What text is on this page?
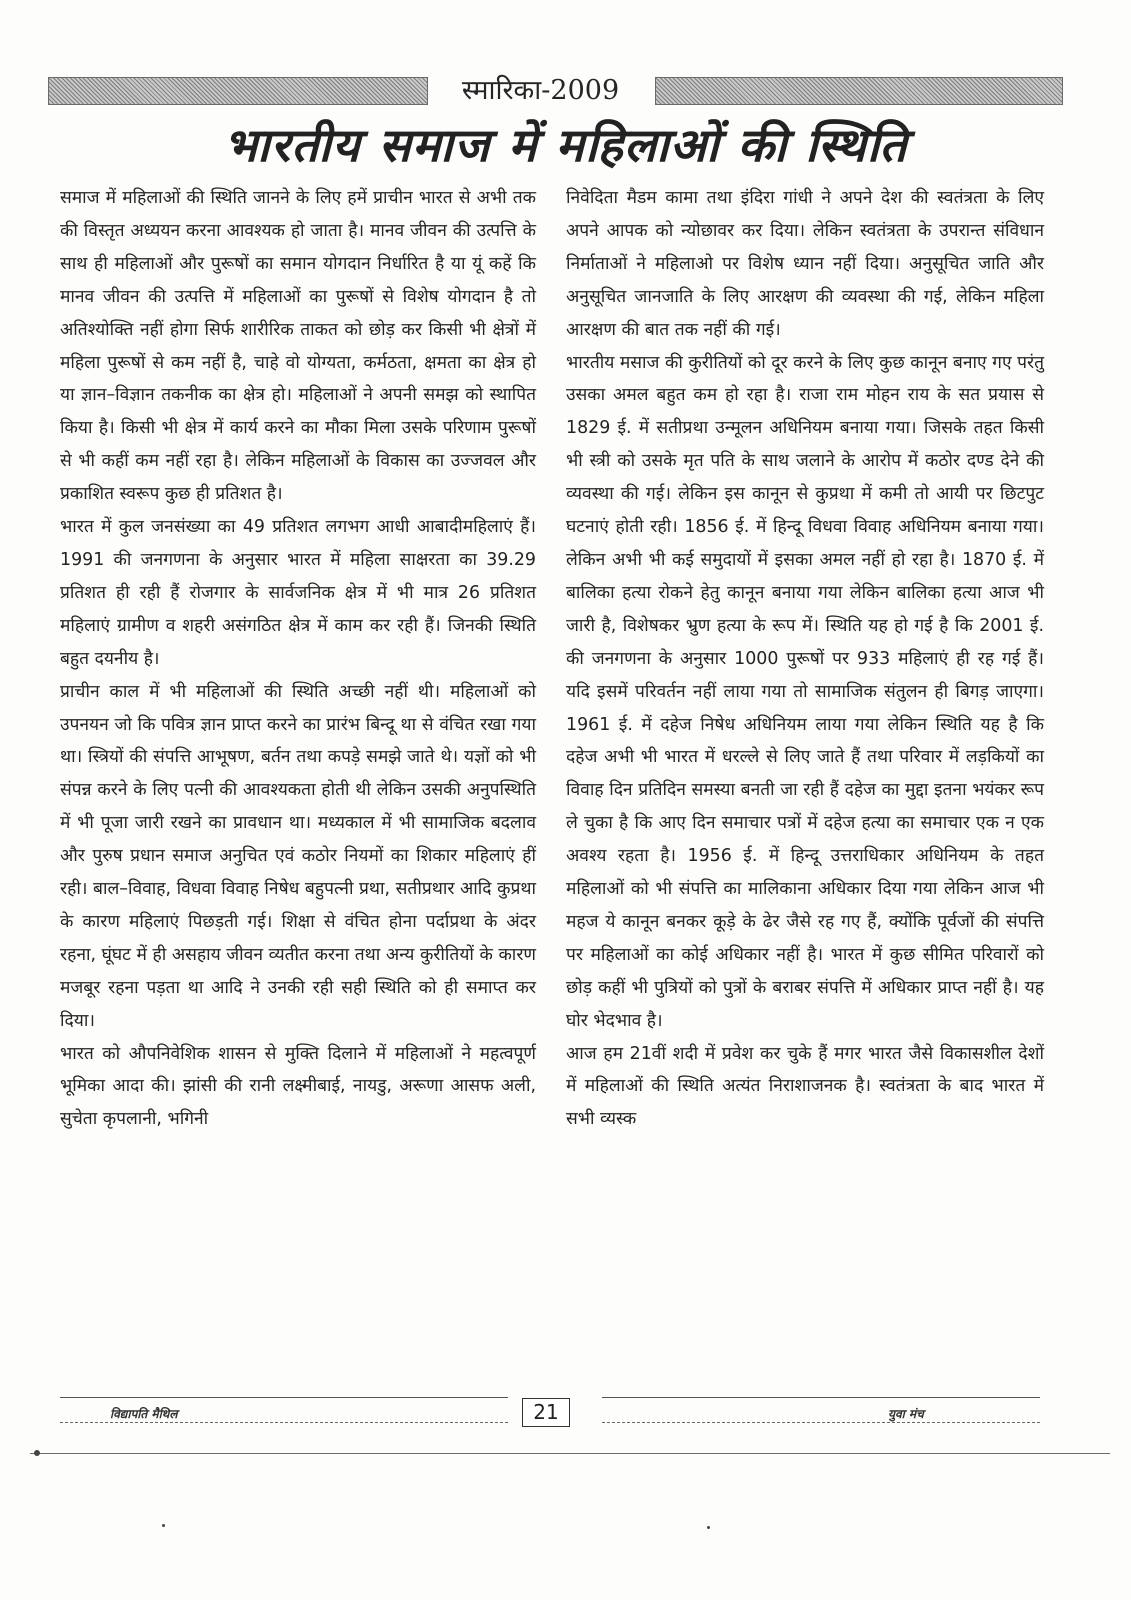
स्मारिका-2009
भारतीय समाज में महिलाओं की स्थिति

समाज में महिलाओं की स्थिति जानने के लिए हमें प्राचीन भारत से अभी तक की विस्तृत अध्ययन करना आवश्यक हो जाता है। मानव जीवन की उत्पत्ति के साथ ही महिलाओं और पुरूषों का समान योगदान निर्धारित है या यूं कहें कि मानव जीवन की उत्पत्ति में महिलाओं का पुरूषों से विशेष योगदान है तो अतिश्योक्ति नहीं होगा सिर्फ शारीरिक ताकत को छोड़ कर किसी भी क्षेत्रों में महिला पुरूषों से कम नहीं है, चाहे वो योग्यता, कर्मठता, क्षमता का क्षेत्र हो या ज्ञान–विज्ञान तकनीक का क्षेत्र हो। महिलाओं ने अपनी समझ को स्थापित किया है। किसी भी क्षेत्र में कार्य करने का मौका मिला उसके परिणाम पुरूषों से भी कहीं कम नहीं रहा है। लेकिन महिलाओं के विकास का उज्जवल और प्रकाशित स्वरूप कुछ ही प्रतिशत है।

भारत में कुल जनसंख्या का 49 प्रतिशत लगभग आधी आबादीमहिलाएं हैं। 1991 की जनगणना के अनुसार भारत में महिला साक्षरता का 39.29 प्रतिशत ही रही हैं रोजगार के सार्वजनिक क्षेत्र में भी मात्र 26 प्रतिशत महिलाएं ग्रामीण व शहरी असंगठित क्षेत्र में काम कर रही हैं। जिनकी स्थिति बहुत दयनीय है।

प्राचीन काल में भी महिलाओं की स्थिति अच्छी नहीं थी। महिलाओं को उपनयन जो कि पवित्र ज्ञान प्राप्त करने का प्रारंभ बिन्दू था से वंचित रखा गया था। स्त्रियों की संपत्ति आभूषण, बर्तन तथा कपड़े समझे जाते थे। यज्ञों को भी संपन्न करने के लिए पत्नी की आवश्यकता होती थी लेकिन उसकी अनुपस्थिति में भी पूजा जारी रखने का प्रावधान था। मध्यकाल में भी सामाजिक बदलाव और पुरुष प्रधान समाज अनुचित एवं कठोर नियमों का शिकार महिलाएं हीं रही। बाल–विवाह, विधवा विवाह निषेध बहुपत्नी प्रथा, सतीप्रथार आदि कुप्रथा के कारण महिलाएं पिछड़ती गई। शिक्षा से वंचित होना पर्दाप्रथा के अंदर रहना, घूंघट में ही असहाय जीवन व्यतीत करना तथा अन्य कुरीतियों के कारण मजबूर रहना पड़ता था आदि ने उनकी रही सही स्थिति को ही समाप्त कर दिया।

भारत को औपनिवेशिक शासन से मुक्ति दिलाने में महिलाओं ने महत्वपूर्ण भूमिका आदा की। झांसी की रानी लक्ष्मीबाई, नायडु, अरूणा आसफ अली, सुचेता कृपलानी, भगिनी

निवेदिता मैडम कामा तथा इंदिरा गांधी ने अपने देश की स्वतंत्रता के लिए अपने आपक को न्योछावर कर दिया। लेकिन स्वतंत्रता के उपरान्त संविधान निर्माताओं ने महिलाओ पर विशेष ध्यान नहीं दिया। अनुसूचित जाति और अनुसूचित जानजाति के लिए आरक्षण की व्यवस्था की गई, लेकिन महिला आरक्षण की बात तक नहीं की गई।

भारतीय मसाज की कुरीतियों को दूर करने के लिए कुछ कानून बनाए गए परंतु उसका अमल बहुत कम हो रहा है। राजा राम मोहन राय के सत प्रयास से 1829 ई. में सतीप्रथा उन्मूलन अधिनियम बनाया गया। जिसके तहत किसी भी स्त्री को उसके मृत पति के साथ जलाने के आरोप में कठोर दण्ड देने की व्यवस्था की गई। लेकिन इस कानून से कुप्रथा में कमी तो आयी पर छिटपुट घटनाएं होती रही। 1856 ई. में हिन्दू विधवा विवाह अधिनियम बनाया गया। लेकिन अभी भी कई समुदायों में इसका अमल नहीं हो रहा है। 1870 ई. में बालिका हत्या रोकने हेतु कानून बनाया गया लेकिन बालिका हत्या आज भी जारी है, विशेषकर भ्रुण हत्या के रूप में। स्थिति यह हो गई है कि 2001 ई. की जनगणना के अनुसार 1000 पुरूषों पर 933 महिलाएं ही रह गई हैं। यदि इसमें परिवर्तन नहीं लाया गया तो सामाजिक संतुलन ही बिगड़ जाएगा। 1961 ई. में दहेज निषेध अधिनियम लाया गया लेकिन स्थिति यह है कि दहेज अभी भी भारत में धरल्ले से लिए जाते हैं तथा परिवार में लड़कियों का विवाह दिन प्रतिदिन समस्या बनती जा रही हैं दहेज का मुद्दा इतना भयंकर रूप ले चुका है कि आए दिन समाचार पत्रों में दहेज हत्या का समाचार एक न एक अवश्य रहता है। 1956 ई. में हिन्दू उत्तराधिकार अधिनियम के तहत महिलाओं को भी संपत्ति का मालिकाना अधिकार दिया गया लेकिन आज भी महज ये कानून बनकर कूड़े के ढेर जैसे रह गए हैं, क्योंकि पूर्वजों की संपत्ति पर महिलाओं का कोई अधिकार नहीं है। भारत में कुछ सीमित परिवारों को छोड़ कहीं भी पुत्रियों को पुत्रों के बराबर संपत्ति में अधिकार प्राप्त नहीं है। यह घोर भेदभाव है।

आज हम 21वीं शदी में प्रवेश कर चुके हैं मगर भारत जैसे विकासशील देशों में महिलाओं की स्थिति अत्यंत निराशाजनक है। स्वतंत्रता के बाद भारत में सभी व्यस्क

विद्यापति मैथिल	21	युवा मंच
